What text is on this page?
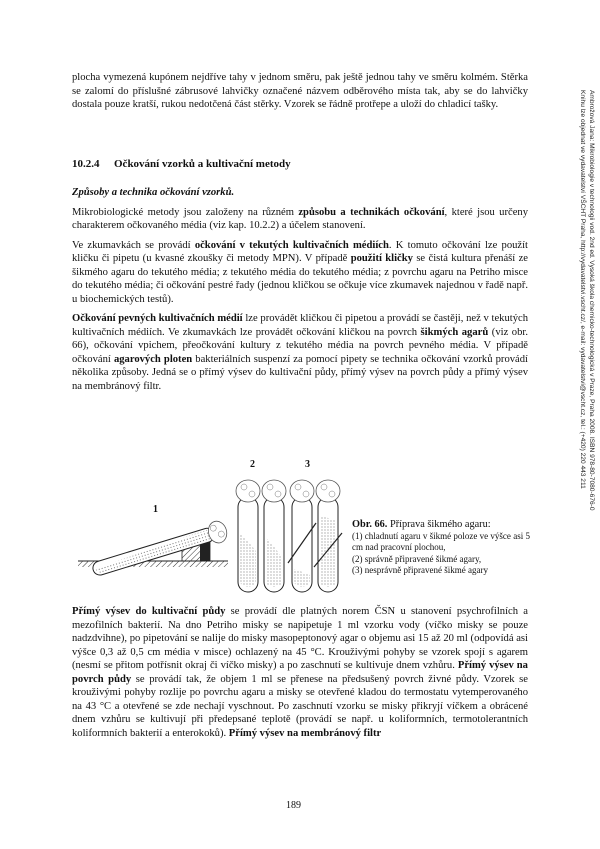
Ambrožová Jana: Mikrobiologie v technologii vod. 2nd ed. Vysoká škola chemicko-technologická v Praze, Praha 2008. ISBN 978-80-7080-676-0
Knihu lze objednat ve vydavatelství VŠCHT Praha, http://vydavatelstvi.vscht.cz/, e-mail: vydavatelstvi@vscht.cz, tel.: (+420) 220 443 211

plocha vymezená kupónem nejdříve tahy v jednom směru, pak ještě jednou tahy ve směru kolmém. Stěrka se zalomí do příslušné zábrusové lahvičky označené názvem odběrového místa tak, aby se do lahvičky dostala pouze kratší, rukou nedotčená část stěrky. Vzorek se řádně protřepe a uloží do chladicí tašky.

10.2.4 Očkování vzorků a kultivační metody

Způsoby a technika očkování vzorků.

Mikrobiologické metody jsou založeny na různém způsobu a technikách očkování, které jsou určeny charakterem očkovaného média (viz kap. 10.2.2) a účelem stanovení.

Ve zkumavkách se provádí očkování v tekutých kultivačních médiích. K tomuto očkování lze použít kličku či pipetu (u kvasné zkoušky či metody MPN). V případě použití kličky se čistá kultura přenáší ze šikmého agaru do tekutého média; z tekutého média do tekutého média; z povrchu agaru na Petriho misce do tekutého média; či očkování pestré řady (jednou kličkou se očkuje více zkumavek najednou v řadě např. u biochemických testů).

Očkování pevných kultivačních médií lze provádět kličkou či pipetou a provádí se častěji, než v tekutých kultivačních médiích. Ve zkumavkách lze provádět očkování kličkou na povrch šikmých agarů (viz obr. 66), očkování vpichem, přeočkování kultury z tekutého média na povrch pevného média. V případě očkování agarových ploten bakteriálních suspenzí za pomocí pipety se technika očkování vzorků provádí několika způsoby. Jedná se o přímý výsev do kultivační půdy, přímý výsev na povrch půdy a přímý výsev na membránový filtr.

2	3
1
Obr. 66. Příprava šikmého agaru:
(1) chladnutí agaru v šikmé poloze ve výšce asi 5 cm nad pracovní plochou,
(2) správně připravené šikmé agary,
(3) nesprávně připravené šikmé agary

Přímý výsev do kultivační půdy se provádí dle platných norem ČSN u stanovení psychrofilních a mezofilních bakterií. Na dno Petriho misky se napipetuje 1 ml vzorku vody (víčko misky se pouze nadzdvihne), po pipetování se nalije do misky masopeptonový agar o objemu asi 15 až 20 ml (odpovídá asi výšce 0,3 až 0,5 cm média v misce) ochlazený na 45 °C. Krouživými pohyby se vzorek spojí s agarem (nesmí se přitom potřísnit okraj či víčko misky) a po zaschnutí se kultivuje dnem vzhůru. Přímý výsev na povrch půdy se provádí tak, že objem 1 ml se přenese na předsušený povrch živné půdy. Vzorek se krouživými pohyby rozlije po povrchu agaru a misky se otevřené kladou do termostatu vytemperovaného na 43 °C a otevřené se zde nechají vyschnout. Po zaschnutí vzorku se misky přikryjí víčkem a obrácené dnem vzhůru se kultivují při předepsané teplotě (provádí se např. u koliformních, termotolerantních koliformních bakterií a enterokoků). Přímý výsev na membránový filtr

189
